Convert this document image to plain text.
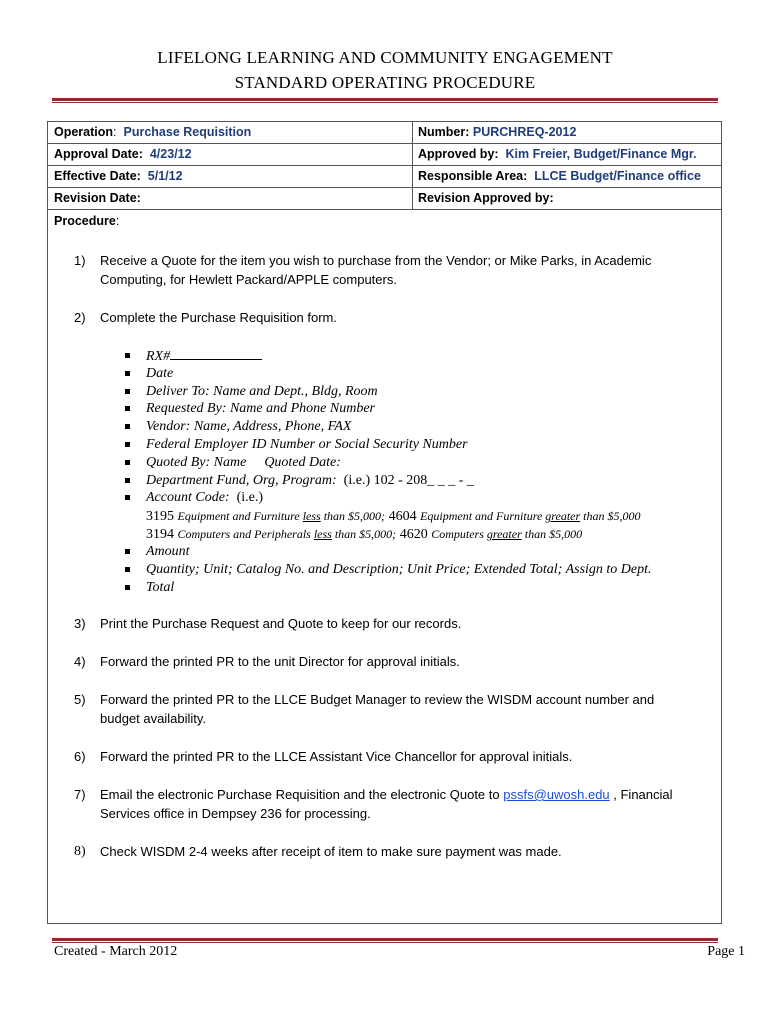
LIFELONG LEARNING AND COMMUNITY ENGAGEMENT
STANDARD OPERATING PROCEDURE
Operation: Purchase Requisition	Number: PURCHREQ-2012
Approval Date: 4/23/12	Approved by: Kim Freier, Budget/Finance Mgr.
Effective Date: 5/1/12	Responsible Area: LLCE Budget/Finance office
Revision Date:	Revision Approved by:
Procedure:
1)	Receive a Quote for the item you wish to purchase from the Vendor; or Mike Parks, in Academic
Computing, for Hewlett Packard/APPLE computers.
2)	Complete the Purchase Requisition form.
RX#
Date
Deliver To: Name and Dept., Bldg, Room
Requested By: Name and Phone Number
Vendor: Name, Address, Phone, FAX
Federal Employer ID Number or Social Security Number
Quoted By: Name Quoted Date:
Department Fund, Org, Program: (i.e.) 102 - 208_ _ _ - _
Account Code: (i.e.)
3195 Equipment and Furniture less than $5,000; 4604 Equipment and Furniture greater than $5,000
3194 Computers and Peripherals less than $5,000; 4620 Computers greater than $5,000
Amount
Quantity; Unit; Catalog No. and Description; Unit Price; Extended Total; Assign to Dept.
Total
3)	Print the Purchase Request and Quote to keep for our records.
4)	Forward the printed PR to the unit Director for approval initials.
5)	Forward the printed PR to the LLCE Budget Manager to review the WISDM account number and
budget availability.
6)	Forward the printed PR to the LLCE Assistant Vice Chancellor for approval initials.
7)	Email the electronic Purchase Requisition and the electronic Quote to pssfs@uwosh.edu , Financial
Services office in Dempsey 236 for processing.
8)	Check WISDM 2-4 weeks after receipt of item to make sure payment was made.
Created - March 2012	Page 1
